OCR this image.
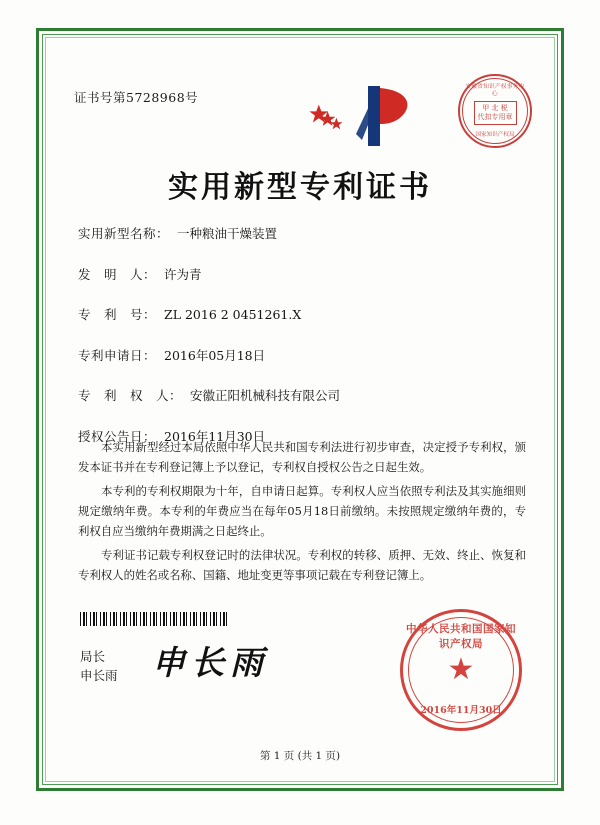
证书号第5728968号
安徽省知识产权事务中心
甲 北 税
代扣专用章
国家知识产权局
实用新型专利证书
实用新型名称： 一种粮油干燥装置
发　明　人： 许为青
专　利　号： ZL 2016 2 0451261.X
专利申请日： 2016年05月18日
专　利　权　人： 安徽正阳机械科技有限公司
授权公告日： 2016年11月30日
本实用新型经过本局依照中华人民共和国专利法进行初步审查，决定授予专利权，颁发本证书并在专利登记簿上予以登记，专利权自授权公告之日起生效。
本专利的专利权期限为十年，自申请日起算。专利权人应当依照专利法及其实施细则规定缴纳年费。本专利的年费应当在每年05月18日前缴纳。未按照规定缴纳年费的，专利权自应当缴纳年费期满之日起终止。
专利证书记载专利权登记时的法律状况。专利权的转移、质押、无效、终止、恢复和专利权人的姓名或名称、国籍、地址变更等事项记载在专利登记簿上。
局长
申长雨 申长雨
中华人民共和国国家知识产权局
★
2016年11月30日
第 1 页 (共 1 页)
